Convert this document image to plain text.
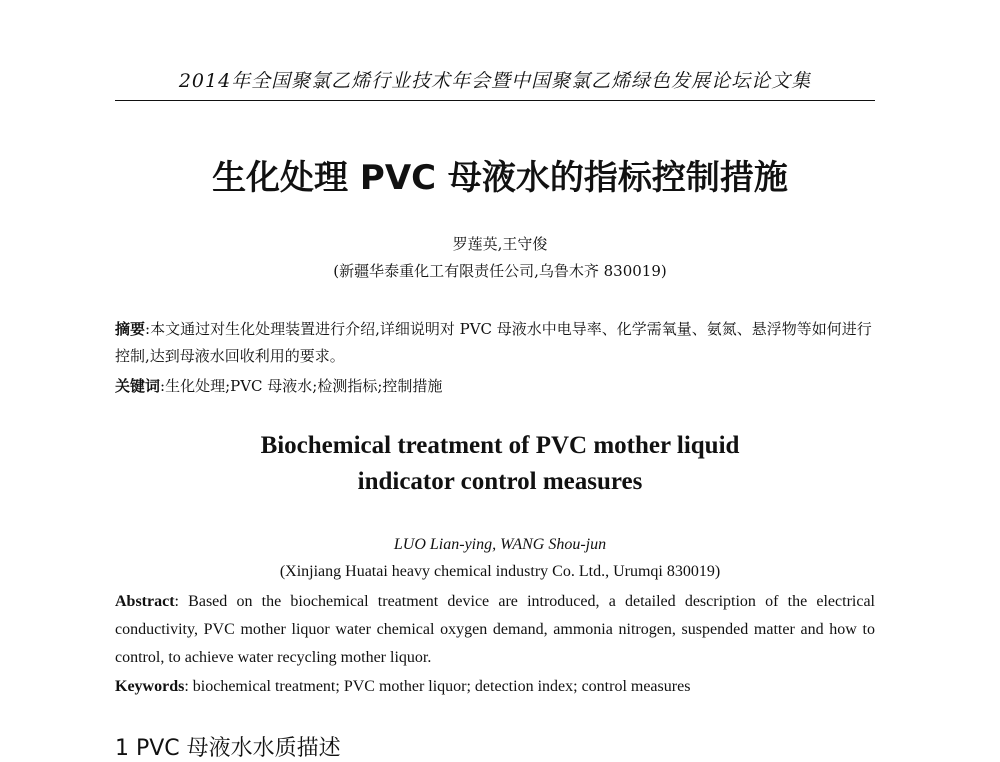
2014年全国聚氯乙烯行业技术年会暨中国聚氯乙烯绿色发展论坛论文集
生化处理 PVC 母液水的指标控制措施
罗莲英,王守俊
(新疆华泰重化工有限责任公司,乌鲁木齐 830019)
摘要:本文通过对生化处理装置进行介绍,详细说明对 PVC 母液水中电导率、化学需氧量、氨氮、悬浮物等如何进行控制,达到母液水回收利用的要求。
关键词:生化处理;PVC 母液水;检测指标;控制措施
Biochemical treatment of PVC mother liquid
indicator control measures
LUO Lian-ying, WANG Shou-jun
(Xinjiang Huatai heavy chemical industry Co. Ltd., Urumqi 830019)
Abstract: Based on the biochemical treatment device are introduced, a detailed description of the electrical conductivity, PVC mother liquor water chemical oxygen demand, ammonia nitrogen, suspended matter and how to control, to achieve water recycling mother liquor.
Keywords: biochemical treatment; PVC mother liquor; detection index; control measures
1 PVC 母液水水质描述
